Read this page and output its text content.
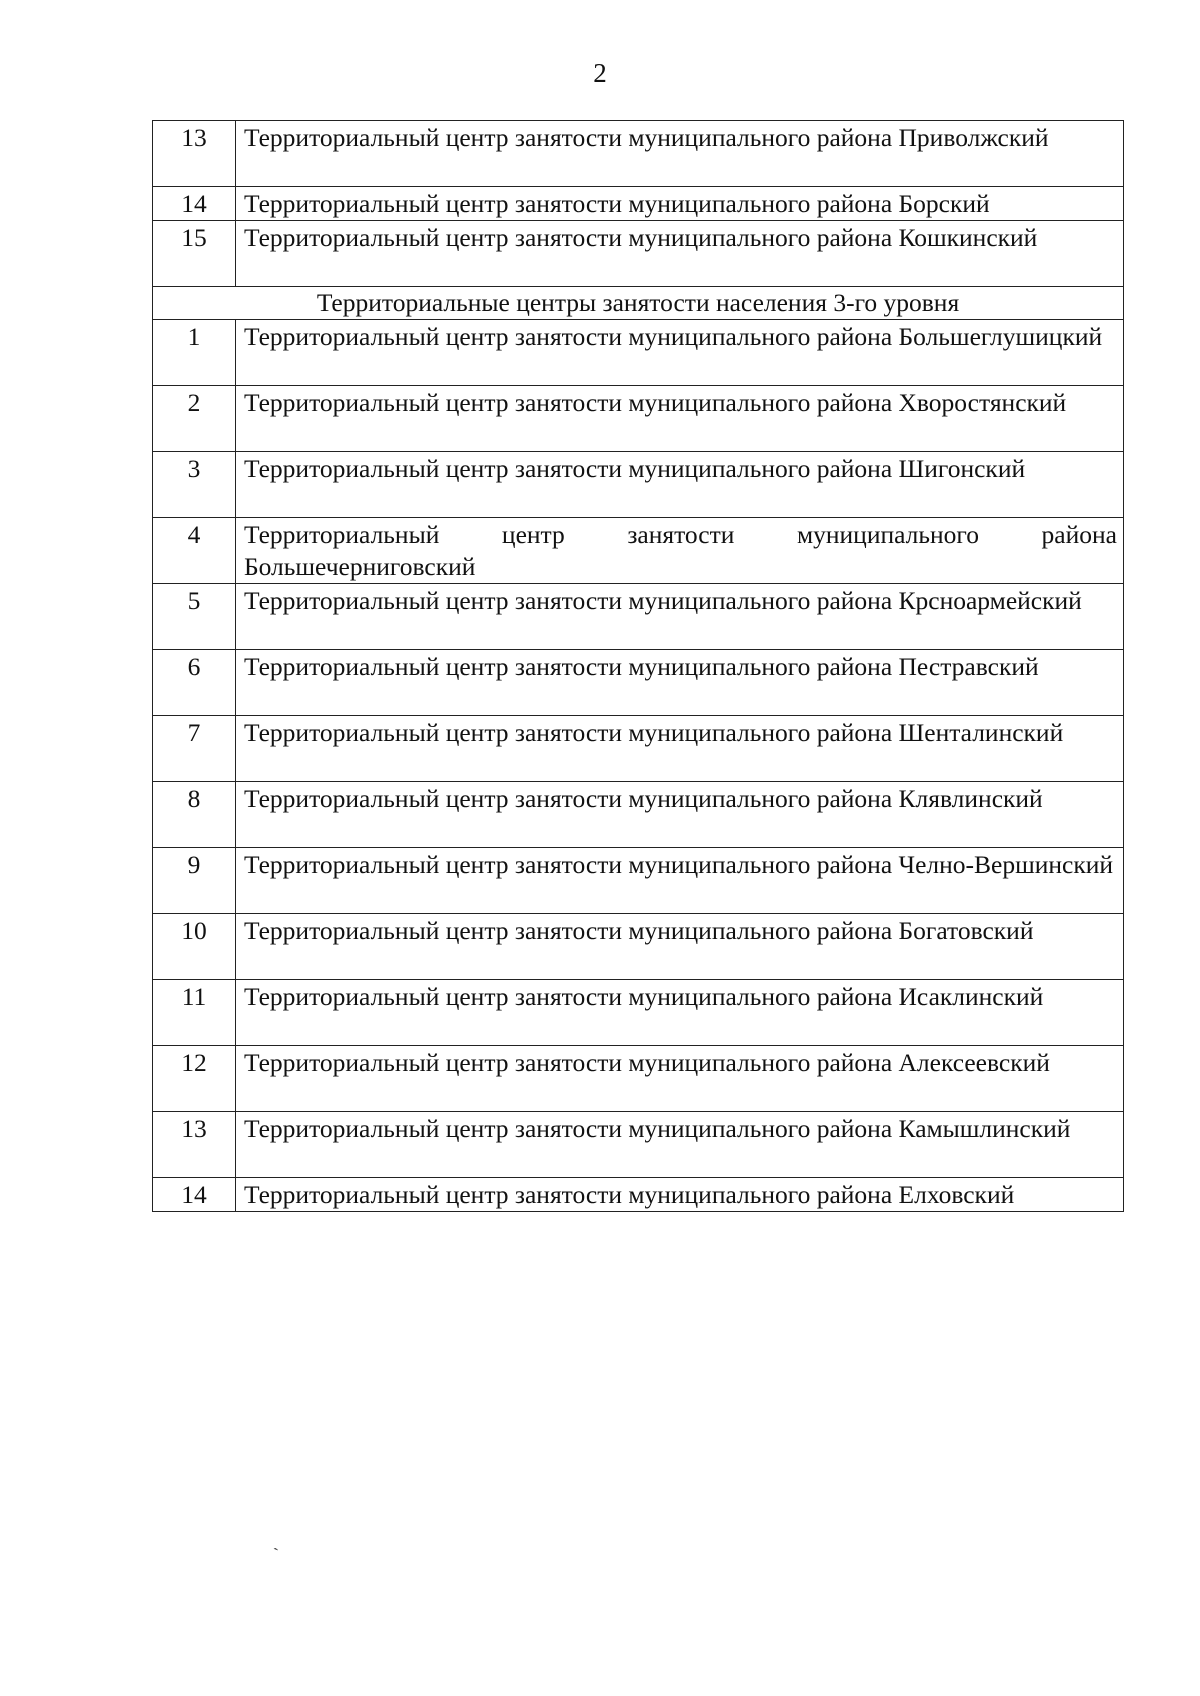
2
13	Территориальный центр занятости муниципального района Приволжский
14	Территориальный центр занятости муниципального района Борский
15	Территориальный центр занятости муниципального района Кошкинский
Территориальные центры занятости населения 3-го уровня	
1	Территориальный центр занятости муниципального района Большеглушицкий
2	Территориальный центр занятости муниципального района Хворостянский
3	Территориальный центр занятости муниципального района Шигонский
4	Территориальный центр занятости муниципального района Большечерниговский
5	Территориальный центр занятости муниципального района Крсноармейский
6	Территориальный центр занятости муниципального района Пестравский
7	Территориальный центр занятости муниципального района Шенталинский
8	Территориальный центр занятости муниципального района Клявлинский
9	Территориальный центр занятости муниципального района Челно-Вершинский
10	Территориальный центр занятости муниципального района Богатовский
11	Территориальный центр занятости муниципального района Исаклинский
12	Территориальный центр занятости муниципального района Алексеевский
13	Территориальный центр занятости муниципального района Камышлинский
14	Территориальный центр занятости муниципального района Елховский
ˏ
